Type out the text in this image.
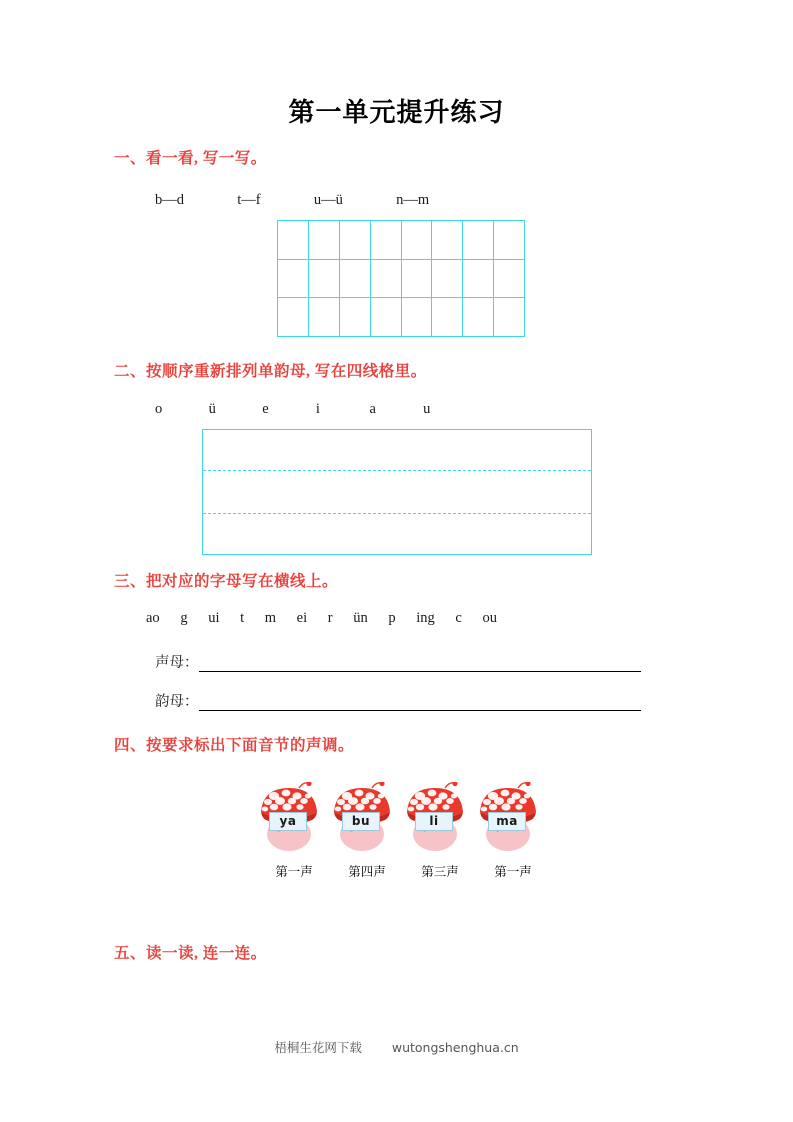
第一单元提升练习
一、看一看, 写一写。
b—d	t—f	u—ü	n—m
二、按顺序重新排列单韵母, 写在四线格里。
o	ü	e	i	a	u
三、把对应的字母写在横线上。
ao g ui t m ei r ün p ing c ou
声母：
韵母：
四、按要求标出下面音节的声调。
ya	bu	li	ma
第一声	第四声	第三声	第一声
五、读一读, 连一连。
梧桐生花网下载 wutongshenghua.cn
